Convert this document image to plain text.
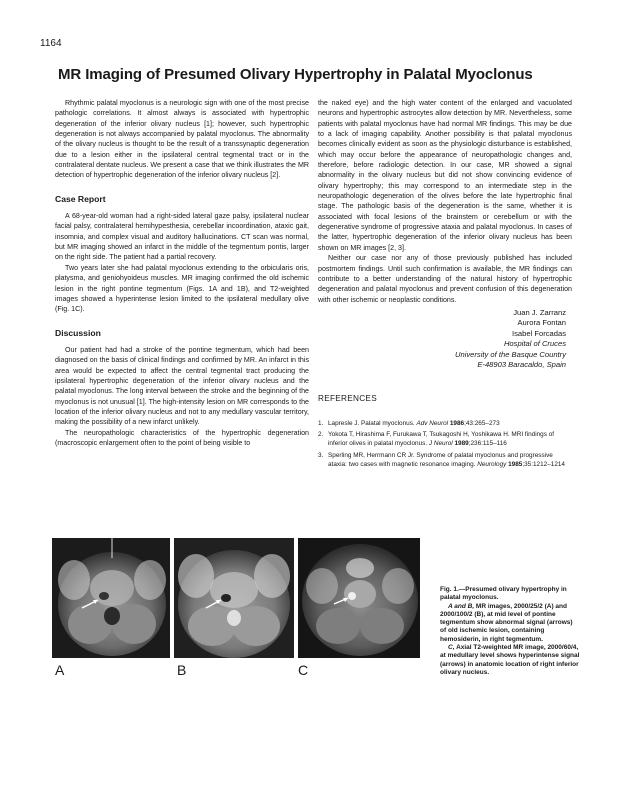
1164
MR Imaging of Presumed Olivary Hypertrophy in Palatal Myoclonus

Rhythmic palatal myoclonus is a neurologic sign with one of the most precise pathologic correlations. It almost always is associated with hypertrophic degeneration of the inferior olivary nucleus [1]; however, such hypertrophic degeneration is not always accompanied by palatal myoclonus. The abnormality of the olivary nucleus is thought to be the result of a transsynaptic degeneration due to a lesion either in the ipsilateral central tegmental tract or in the contralateral dentate nucleus. We present a case that we think illustrates the MR detection of hypertrophic degeneration of the inferior olivary nucleus [2].

Case Report

A 68-year-old woman had a right-sided lateral gaze palsy, ipsilateral nuclear facial palsy, contralateral hemihypesthesia, cerebellar incoordination, ataxic gait, insomnia, and complex visual and auditory hallucinations. CT scan was normal, but MR imaging showed an infarct in the middle of the tegmentum pontis, larger on the right side. The patient had a partial recovery.

Two years later she had palatal myoclonus extending to the orbicularis oris, platysma, and geniohyoideus muscles. MR imaging confirmed the old ischemic lesion in the right pontine tegmentum (Figs. 1A and 1B), and T2-weighted images showed a hyperintense lesion limited to the ipsilateral medullary olive (Fig. 1C).

Discussion

Our patient had had a stroke of the pontine tegmentum, which had been diagnosed on the basis of clinical findings and confirmed by MR. An infarct in this area would be expected to affect the central tegmental tract producing the ipsilateral hypertrophic degeneration of the inferior olivary nucleus and the palatal myoclonus. The long interval between the stroke and the beginning of the myoclonus is not unusual [1]. The high-intensity lesion on MR corresponds to the location of the inferior olivary nucleus and not to any medullary vascular territory, making the possibility of a new infarct unlikely.

The neuropathologic characteristics of the hypertrophic degeneration (macroscopic enlargement often to the point of being visible to

the naked eye) and the high water content of the enlarged and vacuolated neurons and hypertrophic astrocytes allow detection by MR. Nevertheless, some patients with palatal myoclonus have had normal MR findings. This may be due to a lack of imaging capability. Another possibility is that palatal myoclonus becomes clinically evident as soon as the physiologic disturbance is established, which may occur before the appearance of neuropathologic changes and, therefore, before radiologic detection. In our case, MR showed a signal abnormality in the olivary nucleus but did not show convincing evidence of olivary hypertrophy; this may correspond to an intermediate step in the neuropathologic degeneration of the olives before the late hypertrophic final stage. The pathologic basis of the degeneration is the same, whether it is associated with focal lesions of the brainstem or cerebellum or with the degenerative syndrome of progressive ataxia and palatal myoclonus. In cases of the latter, hypertrophic degeneration of the inferior olivary nucleus has been shown on MR images [2, 3].

Neither our case nor any of those previously published has included postmortem findings. Until such confirmation is available, the MR findings can contribute to a better understanding of the natural history of hypertrophic degeneration and palatal myoclonus and prevent confusion of this degeneration with other ischemic or neoplastic conditions.

Juan J. Zarranz
Aurora Fontan
Isabel Forcadas
Hospital of Cruces
University of the Basque Country
E-48903 Baracaldo, Spain
REFERENCES
1. Lapresle J. Palatal myoclonus. Adv Neurol 1986;43:265–273
2. Yokota T, Hirashima F, Furukawa T, Tsukagoshi H, Yoshikawa H. MRI findings of inferior olives in palatal myoclonus. J Neurol 1989;236:115–116
3. Sperling MR, Herrmann CR Jr. Syndrome of palatal myoclonus and progressive ataxia: two cases with magnetic resonance imaging. Neurology 1985;35:1212–1214
A	B	C

Fig. 1.—Presumed olivary hypertrophy in palatal myoclonus.

A and B, MR images, 2000/25/2 (A) and 2000/100/2 (B), at mid level of pontine tegmentum show abnormal signal (arrows) of old ischemic lesion, containing hemosiderin, in right tegmentum.

C, Axial T2-weighted MR image, 2000/60/4, at medullary level shows hyperintense signal (arrows) in anatomic location of right inferior olivary nucleus.
